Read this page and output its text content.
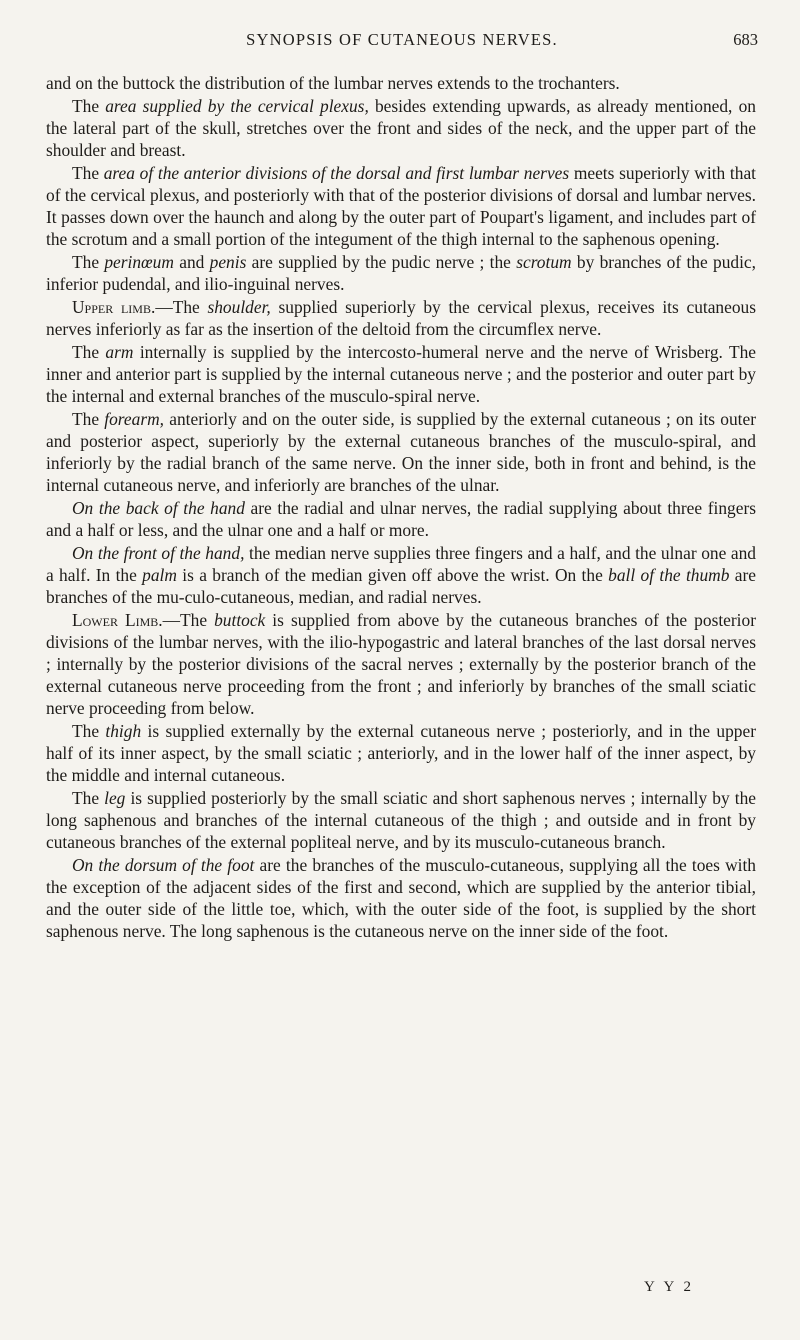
SYNOPSIS OF CUTANEOUS NERVES.	683

and on the buttock the distribution of the lumbar nerves extends to the trochanters.

The area supplied by the cervical plexus, besides extending upwards, as already mentioned, on the lateral part of the skull, stretches over the front and sides of the neck, and the upper part of the shoulder and breast.

The area of the anterior divisions of the dorsal and first lumbar nerves meets superiorly with that of the cervical plexus, and posteriorly with that of the posterior divisions of dorsal and lumbar nerves. It passes down over the haunch and along by the outer part of Poupart's ligament, and includes part of the scrotum and a small portion of the integument of the thigh internal to the saphenous opening.

The perinœum and penis are supplied by the pudic nerve ; the scrotum by branches of the pudic, inferior pudendal, and ilio-inguinal nerves.

Upper limb.—The shoulder, supplied superiorly by the cervical plexus, receives its cutaneous nerves inferiorly as far as the insertion of the deltoid from the circumflex nerve.

The arm internally is supplied by the intercosto-humeral nerve and the nerve of Wrisberg. The inner and anterior part is supplied by the internal cutaneous nerve ; and the posterior and outer part by the internal and external branches of the musculo-spiral nerve.

The forearm, anteriorly and on the outer side, is supplied by the external cutaneous ; on its outer and posterior aspect, superiorly by the external cutaneous branches of the musculo-spiral, and inferiorly by the radial branch of the same nerve. On the inner side, both in front and behind, is the internal cutaneous nerve, and inferiorly are branches of the ulnar.

On the back of the hand are the radial and ulnar nerves, the radial supplying about three fingers and a half or less, and the ulnar one and a half or more.

On the front of the hand, the median nerve supplies three fingers and a half, and the ulnar one and a half. In the palm is a branch of the median given off above the wrist. On the ball of the thumb are branches of the mu-culo-cutaneous, median, and radial nerves.

Lower Limb.—The buttock is supplied from above by the cutaneous branches of the posterior divisions of the lumbar nerves, with the ilio-hypogastric and lateral branches of the last dorsal nerves ; internally by the posterior divisions of the sacral nerves ; externally by the posterior branch of the external cutaneous nerve proceeding from the front ; and inferiorly by branches of the small sciatic nerve proceeding from below.

The thigh is supplied externally by the external cutaneous nerve ; posteriorly, and in the upper half of its inner aspect, by the small sciatic ; anteriorly, and in the lower half of the inner aspect, by the middle and internal cutaneous.

The leg is supplied posteriorly by the small sciatic and short saphenous nerves ; internally by the long saphenous and branches of the internal cutaneous of the thigh ; and outside and in front by cutaneous branches of the external popliteal nerve, and by its musculo-cutaneous branch.

On the dorsum of the foot are the branches of the musculo-cutaneous, supplying all the toes with the exception of the adjacent sides of the first and second, which are supplied by the anterior tibial, and the outer side of the little toe, which, with the outer side of the foot, is supplied by the short saphenous nerve. The long saphenous is the cutaneous nerve on the inner side of the foot.

Y Y 2
